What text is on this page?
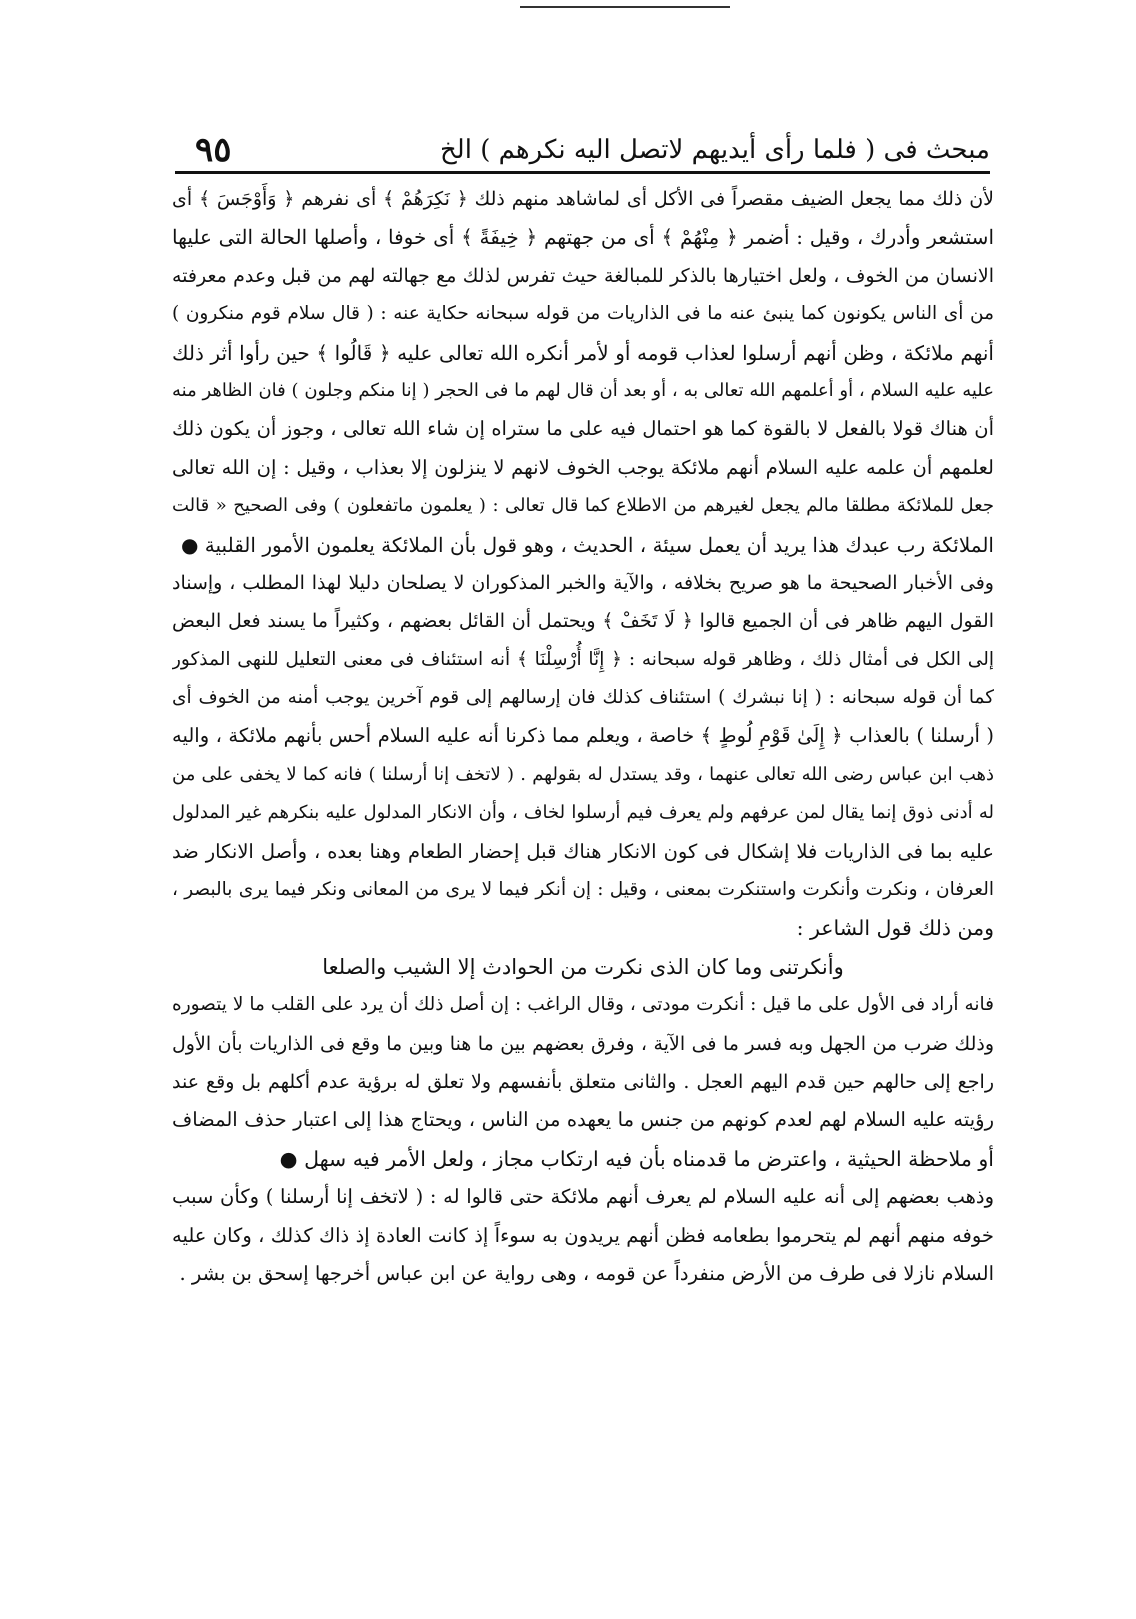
مبحث فى ( فلما رأى أيديهم لاتصل اليه نكرهم ) الخ
٩٥
لأن ذلك مما يجعل الضيف مقصراً فى الأكل أى لماشاهد منهم ذلك ﴿ نَكِرَهُمْ ﴾ أى نفرهم ﴿ وَأَوْجَسَ ﴾ أى
استشعر وأدرك ، وقيل : أضمر ﴿ مِنْهُمْ ﴾ أى من جهتهم ﴿ خِيفَةً ﴾ أى خوفا ، وأصلها الحالة التى عليها
الانسان من الخوف ، ولعل اختيارها بالذكر للمبالغة حيث تفرس لذلك مع جهالته لهم من قبل وعدم معرفته
من أى الناس يكونون كما ينبئ عنه ما فى الذاريات من قوله سبحانه حكاية عنه : ( قال سلام قوم منكرون )
أنهم ملائكة ، وظن أنهم أرسلوا لعذاب قومه أو لأمر أنكره الله تعالى عليه ﴿ قَالُوا ﴾ حين رأوا أثر ذلك
عليه عليه السلام ، أو أعلمهم الله تعالى به ، أو بعد أن قال لهم ما فى الحجر ( إنا منكم وجلون ) فان الظاهر منه
أن هناك قولا بالفعل لا بالقوة كما هو احتمال فيه على ما ستراه إن شاء الله تعالى ، وجوز أن يكون ذلك
لعلمهم أن علمه عليه السلام أنهم ملائكة يوجب الخوف لانهم لا ينزلون إلا بعذاب ، وقيل : إن الله تعالى
جعل للملائكة مطلقا مالم يجعل لغيرهم من الاطلاع كما قال تعالى : ( يعلمون ماتفعلون ) وفى الصحيح « قالت
الملائكة رب عبدك هذا يريد أن يعمل سيئة ، الحديث ، وهو قول بأن الملائكة يعلمون الأمور القلبية ●
وفى الأخبار الصحيحة ما هو صريح بخلافه ، والآية والخبر المذكوران لا يصلحان دليلا لهذا المطلب ، وإسناد
القول اليهم ظاهر فى أن الجميع قالوا ﴿ لَا تَخَفْ ﴾ ويحتمل أن القائل بعضهم ، وكثيراً ما يسند فعل البعض
إلى الكل فى أمثال ذلك ، وظاهر قوله سبحانه : ﴿ إِنَّا أُرْسِلْنَا ﴾ أنه استئناف فى معنى التعليل للنهى المذكور
كما أن قوله سبحانه : ( إنا نبشرك ) استئناف كذلك فان إرسالهم إلى قوم آخرين يوجب أمنه من الخوف أى
( أرسلنا ) بالعذاب ﴿ إِلَىٰ قَوْمِ لُوطٍ ﴾ خاصة ، ويعلم مما ذكرنا أنه عليه السلام أحس بأنهم ملائكة ، واليه
ذهب ابن عباس رضى الله تعالى عنهما ، وقد يستدل له بقولهم . ( لاتخف إنا أرسلنا ) فانه كما لا يخفى على من
له أدنى ذوق إنما يقال لمن عرفهم ولم يعرف فيم أرسلوا لخاف ، وأن الانكار المدلول عليه بنكرهم غير المدلول
عليه بما فى الذاريات فلا إشكال فى كون الانكار هناك قبل إحضار الطعام وهنا بعده ، وأصل الانكار ضد
العرفان ، ونكرت وأنكرت واستنكرت بمعنى ، وقيل : إن أنكر فيما لا يرى من المعانى ونكر فيما يرى بالبصر ،
ومن ذلك قول الشاعر :
وأنكرتنى وما كان الذى نكرت من الحوادث إلا الشيب والصلعا
فانه أراد فى الأول على ما قيل : أنكرت مودتى ، وقال الراغب : إن أصل ذلك أن يرد على القلب ما لا يتصوره
وذلك ضرب من الجهل وبه فسر ما فى الآية ، وفرق بعضهم بين ما هنا وبين ما وقع فى الذاريات بأن الأول
راجع إلى حالهم حين قدم اليهم العجل . والثانى متعلق بأنفسهم ولا تعلق له برؤية عدم أكلهم بل وقع عند
رؤيته عليه السلام لهم لعدم كونهم من جنس ما يعهده من الناس ، ويحتاج هذا إلى اعتبار حذف المضاف
أو ملاحظة الحيثية ، واعترض ما قدمناه بأن فيه ارتكاب مجاز ، ولعل الأمر فيه سهل ●
وذهب بعضهم إلى أنه عليه السلام لم يعرف أنهم ملائكة حتى قالوا له : ( لاتخف إنا أرسلنا ) وكأن سبب
خوفه منهم أنهم لم يتحرموا بطعامه فظن أنهم يريدون به سوءاً إذ كانت العادة إذ ذاك كذلك ، وكان عليه
السلام نازلا فى طرف من الأرض منفرداً عن قومه ، وهى رواية عن ابن عباس أخرجها إسحق بن بشر .
